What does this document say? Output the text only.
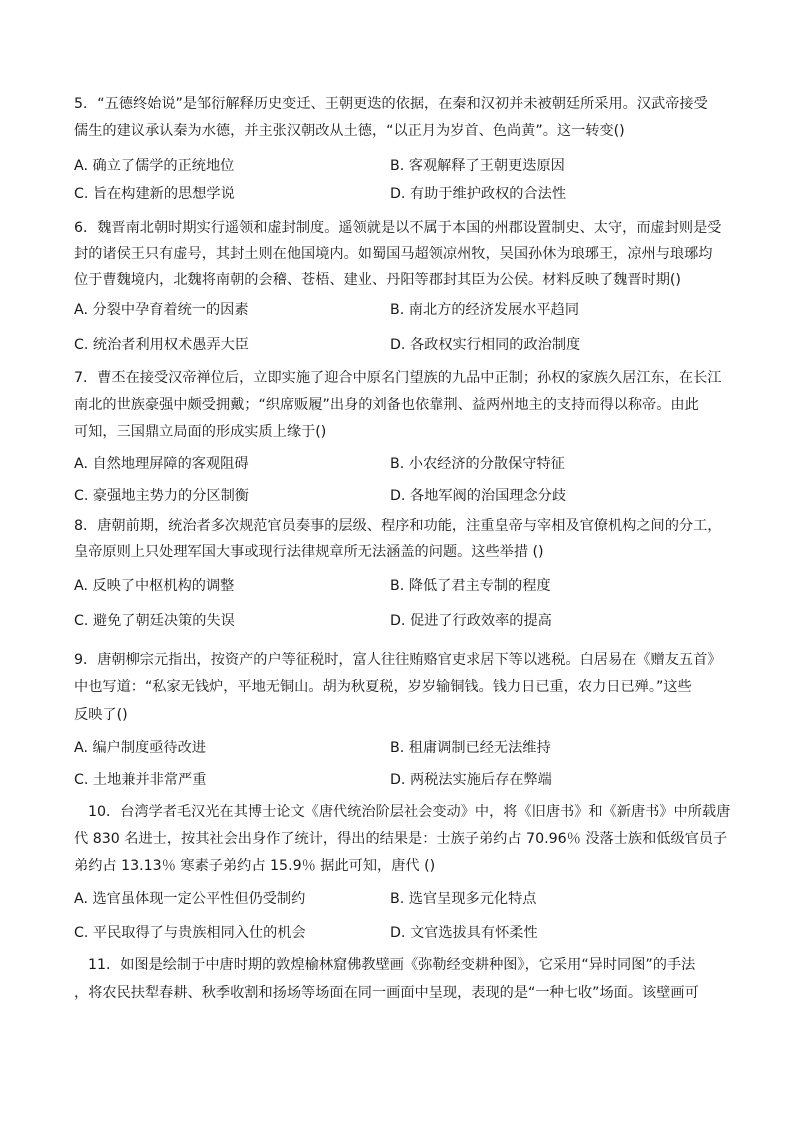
5．“五德终始说”是邹衍解释历史变迁、王朝更迭的依据，在秦和汉初并未被朝廷所采用。汉武帝接受
儒生的建议承认秦为水德，并主张汉朝改从土德，“以正月为岁首、色尚黄”。这一转变()
A. 确立了儒学的正统地位	B. 客观解释了王朝更迭原因
C. 旨在构建新的思想学说	D. 有助于维护政权的合法性
6．魏晋南北朝时期实行遥领和虚封制度。遥领就是以不属于本国的州郡设置制史、太守，而虚封则是受
封的诸侯王只有虚号，其封土则在他国境内。如蜀国马超领凉州牧，吴国孙休为琅琊王，凉州与琅琊均
位于曹魏境内，北魏将南朝的会稽、苍梧、建业、丹阳等郡封其臣为公侯。材料反映了魏晋时期()
A. 分裂中孕育着统一的因素	B. 南北方的经济发展水平趋同
C. 统治者利用权术愚弄大臣	D. 各政权实行相同的政治制度
7．曹丕在接受汉帝禅位后，立即实施了迎合中原名门望族的九品中正制；孙权的家族久居江东，在长江
南北的世族豪强中颇受拥戴；“织席贩履”出身的刘备也依靠荆、益两州地主的支持而得以称帝。由此
可知，三国鼎立局面的形成实质上缘于()
A. 自然地理屏障的客观阻碍	B. 小农经济的分散保守特征
C. 豪强地主势力的分区制衡	D. 各地军阀的治国理念分歧
8．唐朝前期，统治者多次规范官员奏事的层级、程序和功能，注重皇帝与宰相及官僚机构之间的分工，
皇帝原则上只处理军国大事或现行法律规章所无法涵盖的问题。这些举措 ()
A. 反映了中枢机构的调整	B. 降低了君主专制的程度
C. 避免了朝廷决策的失误	D. 促进了行政效率的提高
9．唐朝柳宗元指出，按资产的户等征税时，富人往往贿赂官吏求居下等以逃税。白居易在《赠友五首》
中也写道：“私家无钱炉，平地无铜山。胡为秋夏税，岁岁输铜钱。钱力日已重，农力日已殚。”这些
反映了()
A. 编户制度亟待改进	B. 租庸调制已经无法维持
C. 土地兼并非常严重	D. 两税法实施后存在弊端
10．台湾学者毛汉光在其博士论文《唐代统治阶层社会变动》中，将《旧唐书》和《新唐书》中所载唐
代 830 名进士，按其社会出身作了统计，得出的结果是：士族子弟约占 70.96％ 没落士族和低级官员子
弟约占 13.13％ 寒素子弟约占 15.9％ 据此可知，唐代 ()
A. 选官虽体现一定公平性但仍受制约	B. 选官呈现多元化特点
C. 平民取得了与贵族相同入仕的机会	D. 文官选拔具有怀柔性
11．如图是绘制于中唐时期的敦煌榆林窟佛教壁画《弥勒经变耕种图》，它采用“异时同图”的手法
，将农民扶犁春耕、秋季收割和扬场等场面在同一画面中呈现，表现的是“一种七收”场面。该壁画可
